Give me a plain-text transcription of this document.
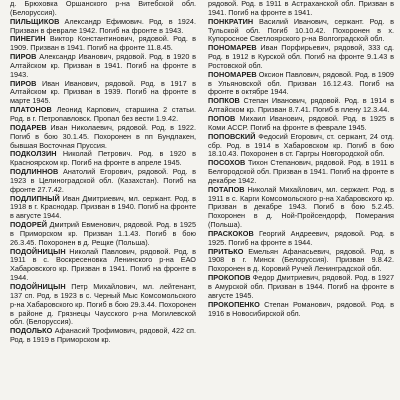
д. Брюховка Оршанского р-на Витебской обл. (Белоруссия).

ПИЛЬЩИКОВ Александр Ефимович. Род. в 1924. Призван в феврале 1942. Погиб на фронте в 1943.

ПИНЕГИН Виктор Константинович, рядовой. Род. в 1909. Призван в 1941. Погиб на фронте 11.8.45.

ПИРОВ Александр Иванович, рядовой. Род. в 1920 в Алтайском кр. Призван в 1941. Погиб на фронте в 1943.

ПИРОВ Иван Иванович, рядовой. Род. в 1917 в Алтайском кр. Призван в 1939. Погиб на фронте в марте 1945.

ПЛАТОНОВ Леонид Карпович, старшина 2 статьи. Род. в г. Петропавловск. Пропал без вести 1.9.42.

ПОДАРЕВ Иван Николаевич, рядовой. Род. в 1922. Погиб в бою 30.1.45. Похоронен в пп Бундлакен, бывшая Восточная Пруссия.

ПОДКОЛЗИН Николай Петрович. Род. в 1920 в Красноярском кр. Погиб на фронте в апреле 1945.

ПОДЛИННОВ Анатолий Егорович, рядовой. Род. в 1923 в Целиноградской обл. (Казахстан). Погиб на фронте 27.7.42.

ПОДЛИПНЫЙ Иван Дмитриевич, мл. сержант. Род. в 1918 в г. Краснодар. Призван в 1940. Погиб на фронте в августе 1944.

ПОДОРЕЙ Дмитрий Евменович, рядовой. Род. в 1925 в Приморском кр. Призван 1.1.43. Погиб в бою 26.3.45. Похоронен в д. Рещке (Польша).

ПОДОЙНИЦЫН Николай Павлович, рядовой. Род. в 1911 в с. Воскресеновка Ленинского р-на ЕАО Хабаровского кр. Призван в 1941. Погиб на фронте в 1944.

ПОДОЙНИЦЫН Петр Михайлович, мл. лейтенант, 137 сп. Род. в 1923 в с. Черный Мыс Комсомольского р-на Хабаровского кр. Погиб в бою 29.3.44. Похоронен в районе д. Грязнецы Чаусского р-на Могилевской обл. (Белоруссия).

ПОДОЛЬКО Афанасий Трофимович, рядовой, 422 сп. Род. в 1919 в Приморском кр.

рядовой. Род. в 1911 в Астраханской обл. Призван в 1941. Погиб на фронте в 1941.

ПОНКРАТИН Василий Иванович, сержант. Род. в Тульской обл. Погиб 10.10.42. Похоронен в х. Купоросное Светлоярского р-на Волгоградской обл.

ПОНОМАРЕВ Иван Порфирьевич, рядовой, 333 сд. Род. в 1912 в Курской обл. Погиб на фронте 9.1.43 в Ростовской обл.

ПОНОМАРЕВ Оксион Павлович, рядовой. Род. в 1909 в Ульяновской обл. Призван 16.12.43. Погиб на фронте в октябре 1944.

ПОПКОВ Степан Иванович, рядовой. Род. в 1914 в Алтайском кр. Призван 8.7.41. Погиб в плену 12.3.44.

ПОПОВ Михаил Иванович, рядовой. Род. в 1925 в Коми АССР. Погиб на фронте в феврале 1945.

ПОПОВСКИЙ Федосий Егорович, ст. сержант, 24 отд. сбр. Род. в 1914 в Хабаровском кр. Погиб в бою 18.10.43. Похоронен в ст. Гаргры Новгородской обл.

ПОСОХОВ Тихон Степанович, рядовой. Род. в 1911 в Белгородской обл. Призван в 1941. Погиб на фронте в декабре 1942.

ПОТАПОВ Николай Михайлович, мл. сержант. Род. в 1911 в с. Карги Комсомольского р-на Хабаровского кр. Призван в декабре 1943. Погиб в бою 5.2.45. Похоронен в д. Ной-Пройсендорф, Померания (Польша).

ПРАСКОКОВ Георгий Андреевич, рядовой. Род. в 1925. Погиб на фронте в 1944.

ПРИТЬКО Емельян Афанасьевич, рядовой. Род. в 1908 в г. Минск (Белоруссия). Призван 9.8.42. Похоронен в д. Коровий Ручей Ленинградской обл.

ПРОКОПОВ Федор Дмитриевич, рядовой. Род. в 1927 в Амурской обл. Призван в 1944. Погиб на фронте в августе 1945.

ПРОКОПЕНКО Степан Романович, рядовой. Род. в 1916 в Новосибирской обл.
